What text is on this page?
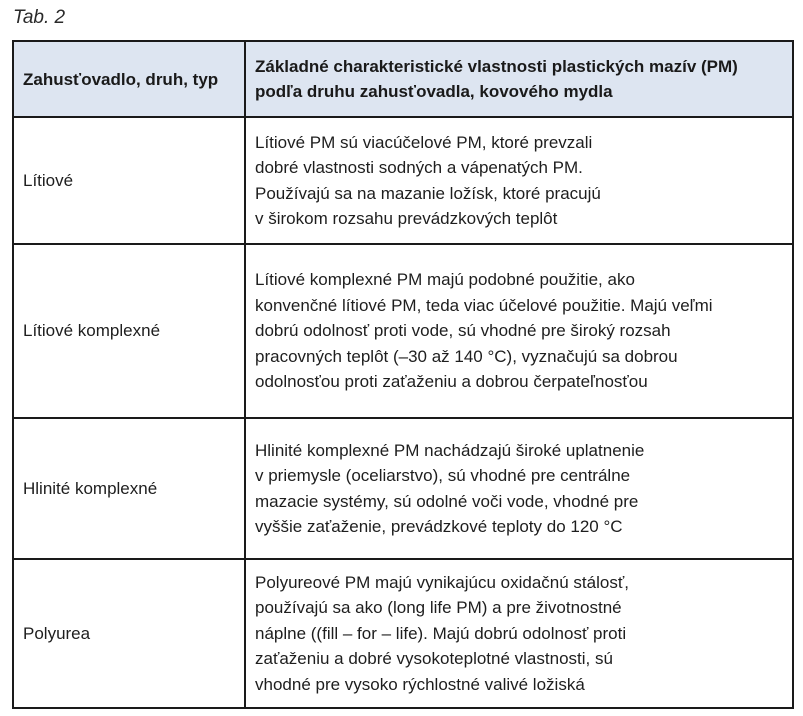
Tab. 2
Zahusťovadlo, druh, typ	Základné charakteristické vlastnosti plastických mazív (PM) podľa druhu zahusťovadla, kovového mydla
Lítiové	Lítiové PM sú viacúčelové PM, ktoré prevzali
dobré vlastnosti sodných a vápenatých PM.
Používajú sa na mazanie ložísk, ktoré pracujú
v širokom rozsahu prevádzkových teplôt

Lítiové komplexné	Lítiové komplexné PM majú podobné použitie, ako
konvenčné lítiové PM, teda viac účelové použitie. Majú veľmi
dobrú odolnosť proti vode, sú vhodné pre široký rozsah
pracovných teplôt (–30 až 140 °C), vyznačujú sa dobrou
odolnosťou proti zaťaženiu a dobrou čerpateľnosťou

Hlinité komplexné	Hlinité komplexné PM nachádzajú široké uplatnenie
v priemysle (oceliarstvo), sú vhodné pre centrálne
mazacie systémy, sú odolné voči vode, vhodné pre
vyššie zaťaženie, prevádzkové teploty do 120 °C

Polyurea	Polyureové PM majú vynikajúcu oxidačnú stálosť,
používajú sa ako (long life PM) a pre životnostné
náplne ((fill – for – life). Majú dobrú odolnosť proti
zaťaženiu a dobré vysokoteplotné vlastnosti, sú
vhodné pre vysoko rýchlostné valivé ložiská
